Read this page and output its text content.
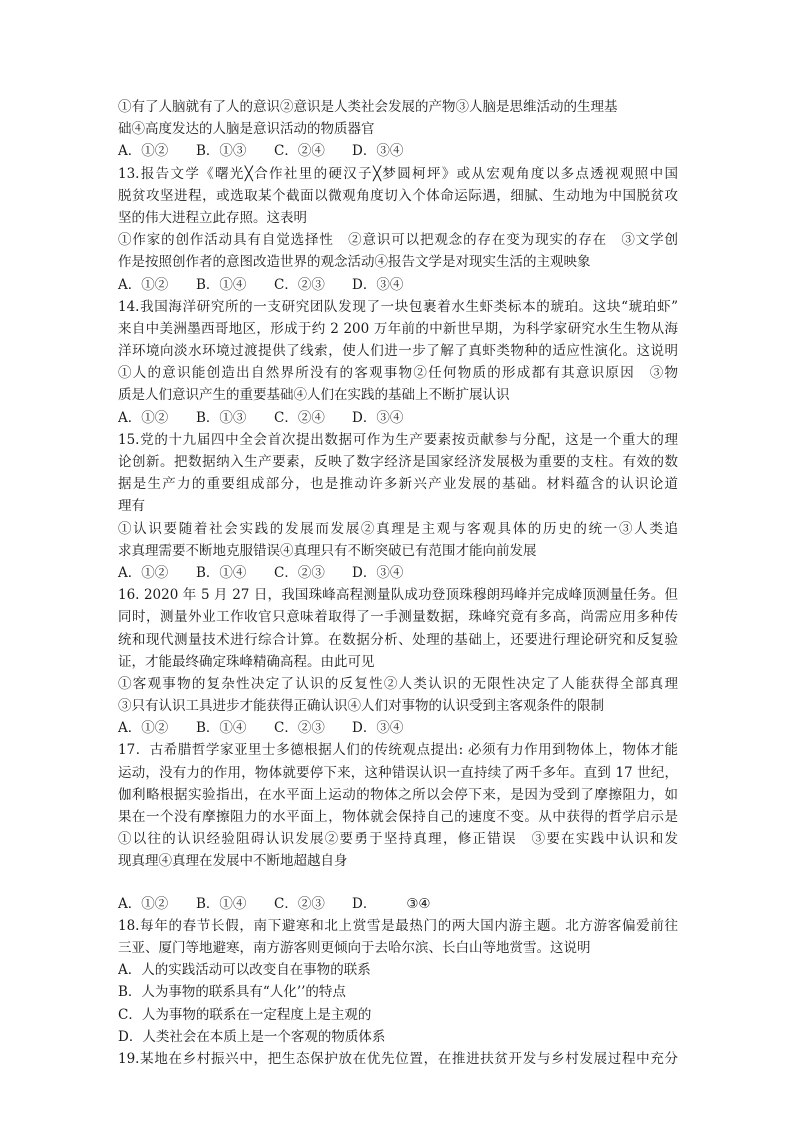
①有了人脑就有了人的意识②意识是人类社会发展的产物③人脑是思维活动的生理基
础④高度发达的人脑是意识活动的物质器官
A．①②	B．①③	C．②④	D．③④
13.报告文学《曙光╳合作社里的硬汉子╳梦圆柯坪》或从宏观角度以多点透视观照中国
脱贫攻坚进程，或选取某个截面以微观角度切入个体命运际遇，细腻、生动地为中国脱贫攻
坚的伟大进程立此存照。这表明
①作家的创作活动具有自觉选择性　②意识可以把观念的存在变为现实的存在　③文学创
作是按照创作者的意图改造世界的观念活动④报告文学是对现实生活的主观映象
A．①②	B．①④	C．②③	D．③④
14.我国海洋研究所的一支研究团队发现了一块包裹着水生虾类标本的琥珀。这块“琥珀虾”
来自中美洲墨西哥地区，形成于约 2 200 万年前的中新世早期，为科学家研究水生生物从海
洋环境向淡水环境过渡提供了线索，使人们进一步了解了真虾类物种的适应性演化。这说明
①人的意识能创造出自然界所没有的客观事物②任何物质的形成都有其意识原因　③物
质是人们意识产生的重要基础④人们在实践的基础上不断扩展认识
A．①②	B．①③	C．②④	D．③④
15.党的十九届四中全会首次提出数据可作为生产要素按贡献参与分配，这是一个重大的理
论创新。把数据纳入生产要素，反映了数字经济是国家经济发展极为重要的支柱。有效的数
据是生产力的重要组成部分，也是推动许多新兴产业发展的基础。材料蕴含的认识论道
理有
①认识要随着社会实践的发展而发展②真理是主观与客观具体的历史的统一③人类追
求真理需要不断地克服错误④真理只有不断突破已有范围才能向前发展
A．①②	B．①④	C．②③	D．③④
16. 2020 年 5 月 27 日，我国珠峰高程测量队成功登顶珠穆朗玛峰并完成峰顶测量任务。但
同时，测量外业工作收官只意味着取得了一手测量数据，珠峰究竟有多高，尚需应用多种传
统和现代测量技术进行综合计算。在数据分析、处理的基础上，还要进行理论研究和反复验
证，才能最终确定珠峰精确高程。由此可见
①客观事物的复杂性决定了认识的反复性②人类认识的无限性决定了人能获得全部真理
③只有认识工具进步才能获得正确认识④人们对事物的认识受到主客观条件的限制
A．①②	B．①④	C．②③	D．③④
17．古希腊哲学家亚里士多德根据人们的传统观点提出: 必须有力作用到物体上，物体才能
运动，没有力的作用，物体就要停下来，这种错误认识一直持续了两千多年。直到 17 世纪，
伽利略根据实验指出，在水平面上运动的物体之所以会停下来，是因为受到了摩擦阻力，如
果在一个没有摩擦阻力的水平面上，物体就会保持自己的速度不变。从中获得的哲学启示是
①以往的认识经验阻碍认识发展②要勇于坚持真理，修正错误　③要在实践中认识和发
现真理④真理在发展中不断地超越自身
A．①②	B．①④	C．②③	D． ③④
18.每年的春节长假，南下避寒和北上赏雪是最热门的两大国内游主题。北方游客偏爱前往
三亚、厦门等地避寒，南方游客则更倾向于去哈尔滨、长白山等地赏雪。这说明
A．人的实践活动可以改变自在事物的联系
B．人为事物的联系具有“人化’’的特点
C．人为事物的联系在一定程度上是主观的
D．人类社会在本质上是一个客观的物质体系
19.某地在乡村振兴中，把生态保护放在优先位置，在推进扶贫开发与乡村发展过程中充分
